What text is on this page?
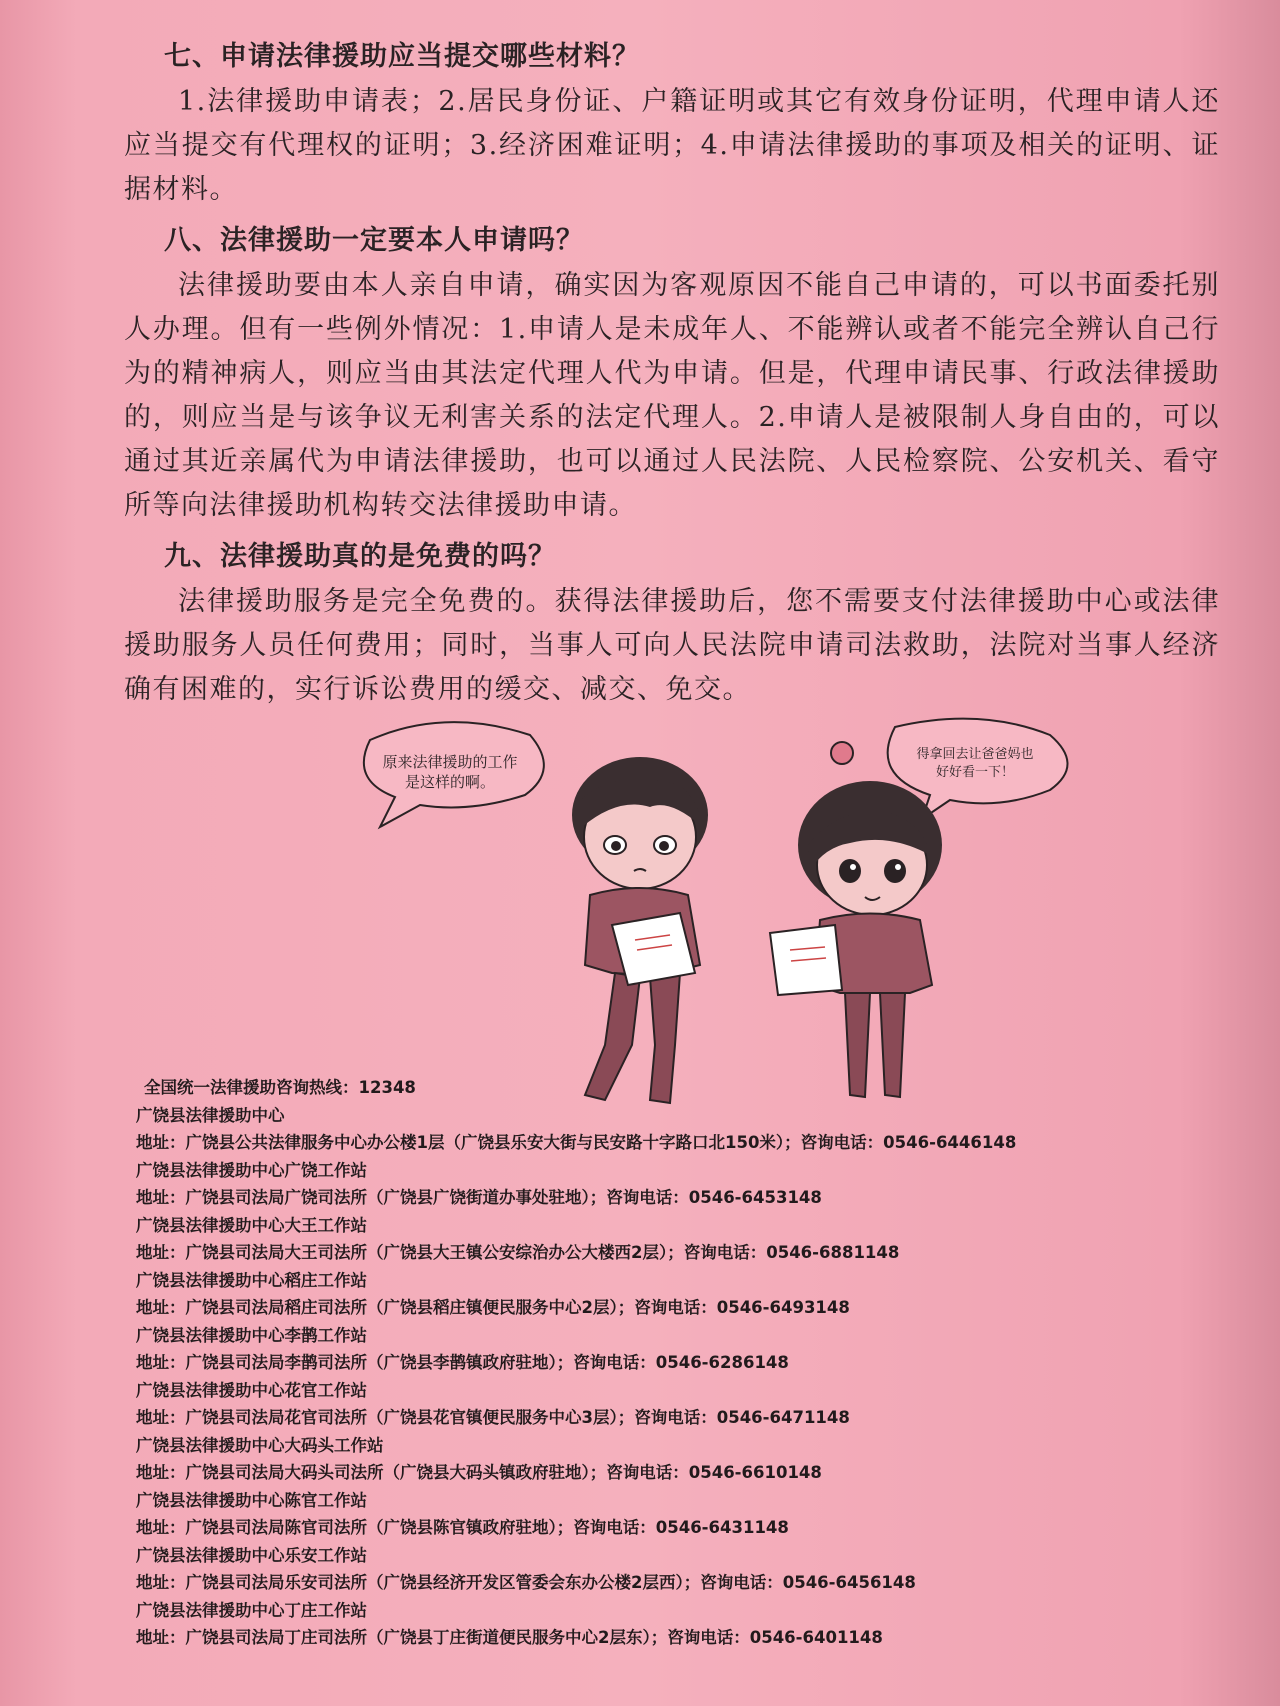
七、申请法律援助应当提交哪些材料？

1.法律援助申请表；2.居民身份证、户籍证明或其它有效身份证明，代理申请人还应当提交有代理权的证明；3.经济困难证明；4.申请法律援助的事项及相关的证明、证据材料。

八、法律援助一定要本人申请吗？

法律援助要由本人亲自申请，确实因为客观原因不能自己申请的，可以书面委托别人办理。但有一些例外情况：1.申请人是未成年人、不能辨认或者不能完全辨认自己行为的精神病人，则应当由其法定代理人代为申请。但是，代理申请民事、行政法律援助的，则应当是与该争议无利害关系的法定代理人。2.申请人是被限制人身自由的，可以通过其近亲属代为申请法律援助，也可以通过人民法院、人民检察院、公安机关、看守所等向法律援助机构转交法律援助申请。

九、法律援助真的是免费的吗？

法律援助服务是完全免费的。获得法律援助后，您不需要支付法律援助中心或法律援助服务人员任何费用；同时，当事人可向人民法院申请司法救助，法院对当事人经济确有困难的，实行诉讼费用的缓交、减交、免交。

原来法律援助的工作
是这样的啊。
得拿回去让爸爸妈也
好好看一下！
全国统一法律援助咨询热线：12348
广饶县法律援助中心
地址：广饶县公共法律服务中心办公楼1层（广饶县乐安大街与民安路十字路口北150米）；咨询电话：0546-6446148
广饶县法律援助中心广饶工作站
地址：广饶县司法局广饶司法所（广饶县广饶街道办事处驻地）；咨询电话：0546-6453148
广饶县法律援助中心大王工作站
地址：广饶县司法局大王司法所（广饶县大王镇公安综治办公大楼西2层）；咨询电话：0546-6881148
广饶县法律援助中心稻庄工作站
地址：广饶县司法局稻庄司法所（广饶县稻庄镇便民服务中心2层）；咨询电话：0546-6493148
广饶县法律援助中心李鹊工作站
地址：广饶县司法局李鹊司法所（广饶县李鹊镇政府驻地）；咨询电话：0546-6286148
广饶县法律援助中心花官工作站
地址：广饶县司法局花官司法所（广饶县花官镇便民服务中心3层）；咨询电话：0546-6471148
广饶县法律援助中心大码头工作站
地址：广饶县司法局大码头司法所（广饶县大码头镇政府驻地）；咨询电话：0546-6610148
广饶县法律援助中心陈官工作站
地址：广饶县司法局陈官司法所（广饶县陈官镇政府驻地）；咨询电话：0546-6431148
广饶县法律援助中心乐安工作站
地址：广饶县司法局乐安司法所（广饶县经济开发区管委会东办公楼2层西）；咨询电话：0546-6456148
广饶县法律援助中心丁庄工作站
地址：广饶县司法局丁庄司法所（广饶县丁庄街道便民服务中心2层东）；咨询电话：0546-6401148
